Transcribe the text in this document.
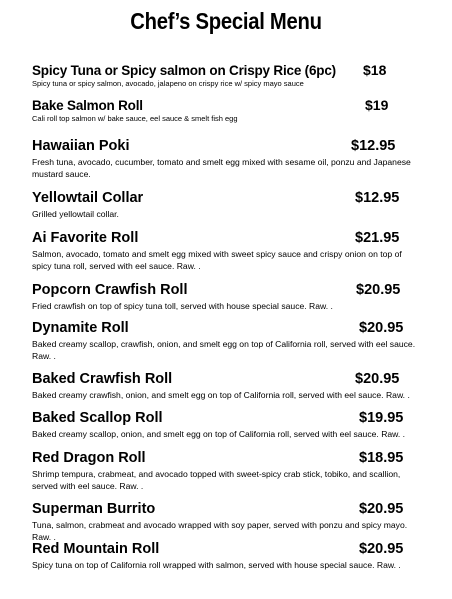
Chef’s Special Menu
Spicy Tuna or Spicy salmon on Crispy Rice (6pc)	$18
Spicy tuna or spicy salmon, avocado, jalapeno on crispy rice w/ spicy mayo sauce
Bake Salmon Roll	$19
Cali roll top salmon w/ bake sauce, eel sauce & smelt fish egg
Hawaiian Poki	$12.95
Fresh tuna, avocado, cucumber, tomato and smelt egg mixed with sesame oil, ponzu and Japanese mustard sauce.
Yellowtail Collar	$12.95
Grilled yellowtail collar.
Ai Favorite Roll	$21.95
Salmon, avocado, tomato and smelt egg mixed with sweet spicy sauce and crispy onion on top of spicy tuna roll, served with eel sauce. Raw. .
Popcorn Crawfish Roll	$20.95
Fried crawfish on top of spicy tuna toll, served with house special sauce. Raw. .
Dynamite Roll	$20.95
Baked creamy scallop, crawfish, onion, and smelt egg on top of California roll, served with eel sauce. Raw. .
Baked Crawfish Roll	$20.95
Baked creamy crawfish, onion, and smelt egg on top of California roll, served with eel sauce. Raw. .
Baked Scallop Roll	$19.95
Baked creamy scallop, onion, and smelt egg on top of California roll, served with eel sauce. Raw. .
Red Dragon Roll	$18.95
Shrimp tempura, crabmeat, and avocado topped with sweet-spicy crab stick, tobiko, and scallion, served with eel sauce. Raw. .
Superman Burrito	$20.95
Tuna, salmon, crabmeat and avocado wrapped with soy paper, served with ponzu and spicy mayo. Raw. .
Red Mountain Roll	$20.95
Spicy tuna on top of California roll wrapped with salmon, served with house special sauce. Raw. .
